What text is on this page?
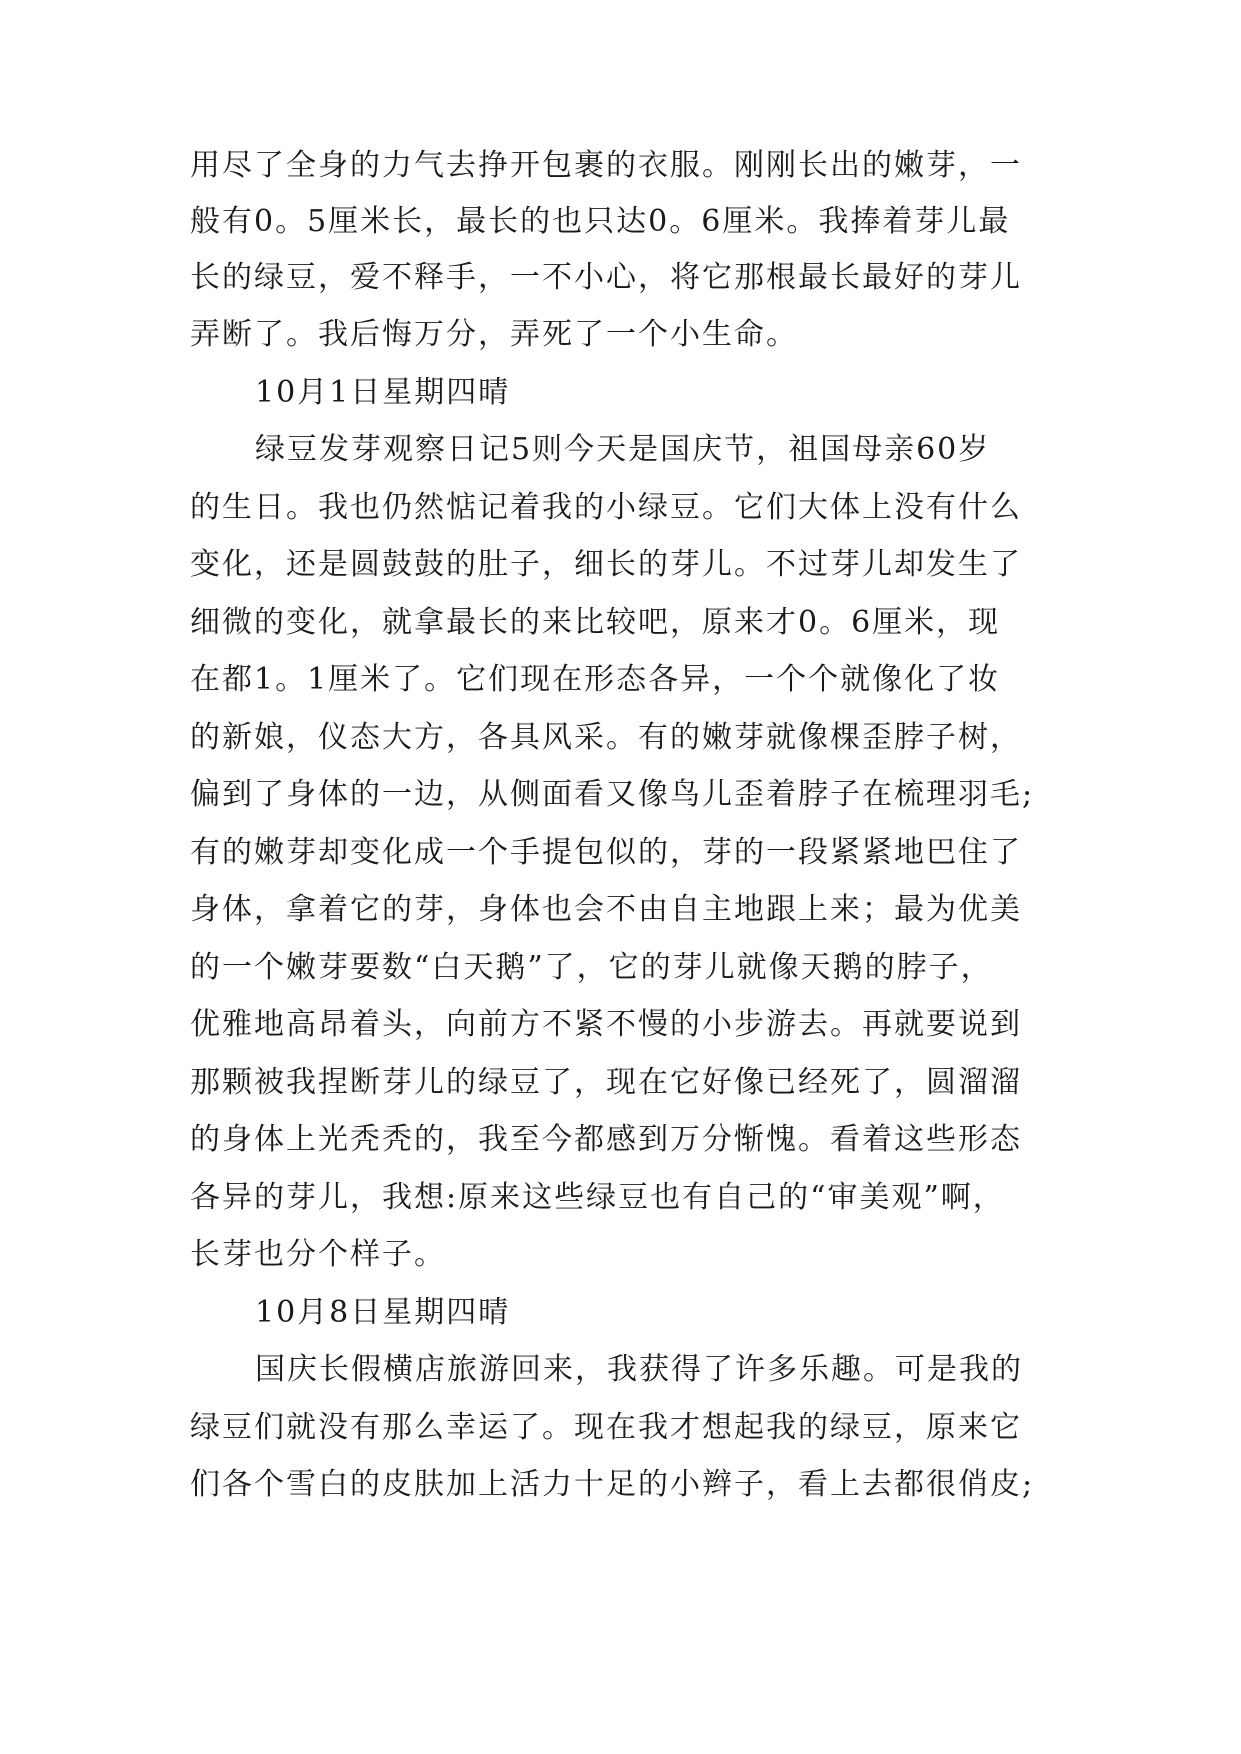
用尽了全身的力气去挣开包裹的衣服。刚刚长出的嫩芽，一
般有0。5厘米长，最长的也只达0。6厘米。我捧着芽儿最
长的绿豆，爱不释手，一不小心，将它那根最长最好的芽儿
弄断了。我后悔万分，弄死了一个小生命。
10月1日星期四晴
绿豆发芽观察日记5则今天是国庆节，祖国母亲60岁
的生日。我也仍然惦记着我的小绿豆。它们大体上没有什么
变化，还是圆鼓鼓的肚子，细长的芽儿。不过芽儿却发生了
细微的变化，就拿最长的来比较吧，原来才0。6厘米，现
在都1。1厘米了。它们现在形态各异，一个个就像化了妆
的新娘，仪态大方，各具风采。有的嫩芽就像棵歪脖子树，
偏到了身体的一边，从侧面看又像鸟儿歪着脖子在梳理羽毛;
有的嫩芽却变化成一个手提包似的，芽的一段紧紧地巴住了
身体，拿着它的芽，身体也会不由自主地跟上来；最为优美
的一个嫩芽要数“白天鹅”了，它的芽儿就像天鹅的脖子，
优雅地高昂着头，向前方不紧不慢的小步游去。再就要说到
那颗被我捏断芽儿的绿豆了，现在它好像已经死了，圆溜溜
的身体上光秃秃的，我至今都感到万分惭愧。看着这些形态
各异的芽儿，我想:原来这些绿豆也有自己的“审美观”啊，
长芽也分个样子。
10月8日星期四晴
国庆长假横店旅游回来，我获得了许多乐趣。可是我的
绿豆们就没有那么幸运了。现在我才想起我的绿豆，原来它
们各个雪白的皮肤加上活力十足的小辫子，看上去都很俏皮;
